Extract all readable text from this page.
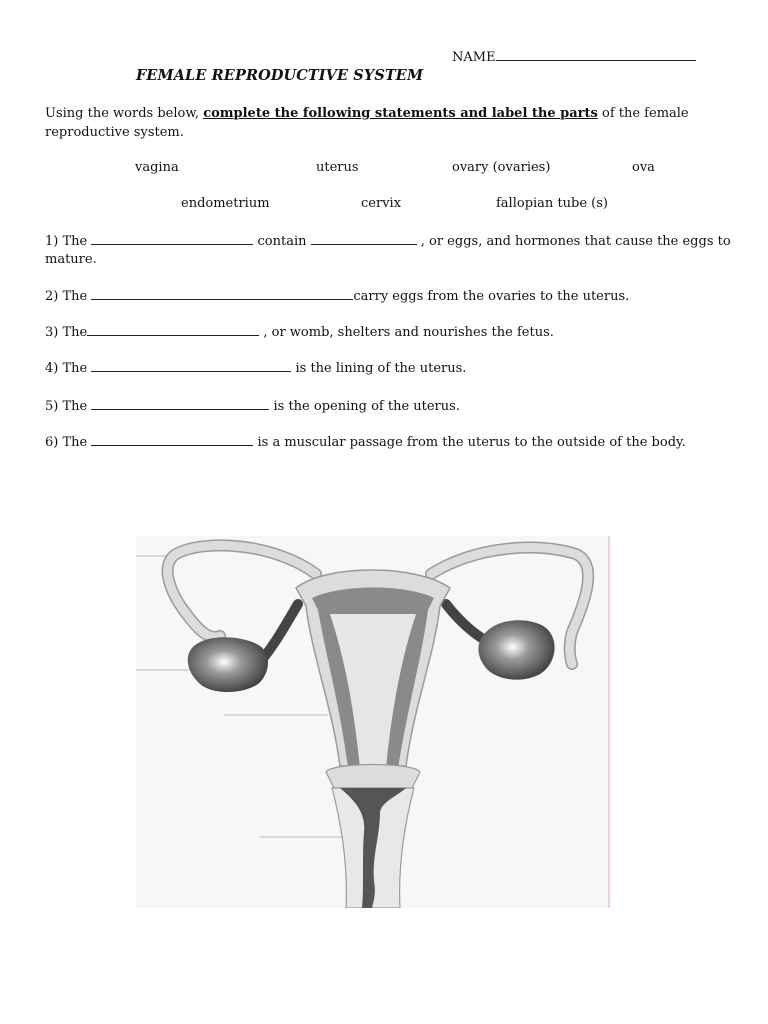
NAME
FEMALE REPRODUCTIVE SYSTEM
Using the words below, complete the following statements and label the parts of the female
reproductive system.
vagina	uterus	ovary (ovaries)	ova
endometrium	cervix	fallopian tube (s)
1) The	contain	, or eggs, and hormones that cause the eggs to
mature.
2) The	carry eggs from the ovaries to the uterus.
3) The	, or womb, shelters and nourishes the fetus.
4) The	is the lining of the uterus.
5) The	is the opening of the uterus.
6) The	is a muscular passage from the uterus to the outside of the body.
